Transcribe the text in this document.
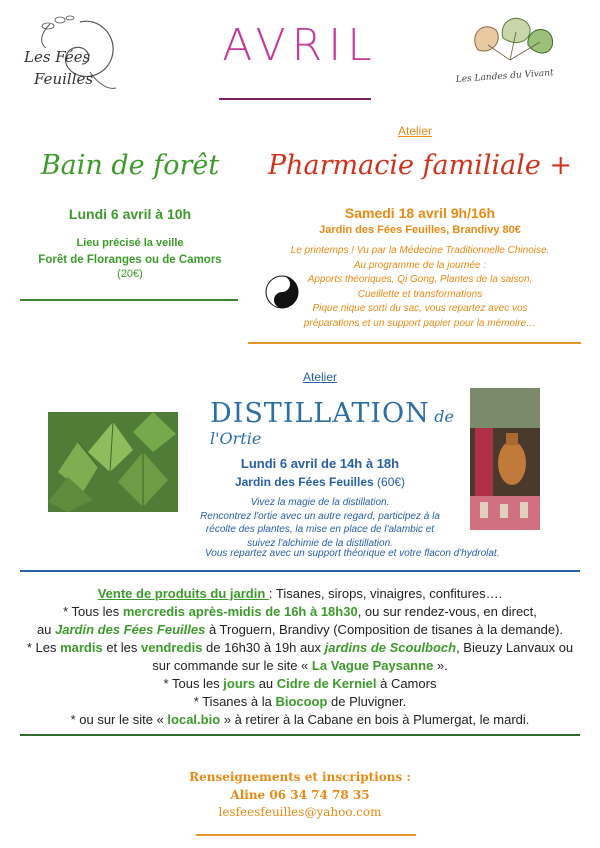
Les Fées
Feuilles
AVRIL
Les Landes du Vivant
Bain de forêt
Lundi 6 avril à 10h
Lieu précisé la veille
Forêt de Floranges ou de Camors
(20€)
Atelier
Pharmacie familiale +
Samedi 18 avril 9h/16h
Jardin des Fées Feuilles, Brandivy 80€
Le printemps ! Vu par la Médecine Traditionnelle Chinoise.
Au programme de la journée :
Apports théoriques, Qi Gong, Plantes de la saison,
Cueillette et transformations
Pique nique sorti du sac, vous repartez avec vos
préparations et un support papier pour la mémoire…
Atelier
DISTILLATION de l'Ortie
Lundi 6 avril de 14h à 18h
Jardin des Fées Feuilles (60€)
Vivez la magie de la distillation.
Rencontrez l'ortie avec un autre regard, participez à la
récolte des plantes, la mise en place de l'alambic et
suivez l'alchimie de la distillation.
Vous repartez avec un support théorique et votre flacon d'hydrolat.
Vente de produits du jardin : Tisanes, sirops, vinaigres, confitures….
* Tous les mercredis après-midis de 16h à 18h30, ou sur rendez-vous, en direct,
au Jardin des Fées Feuilles à Troguern, Brandivy (Composition de tisanes à la demande).
* Les mardis et les vendredis de 16h30 à 19h aux jardins de Scoulboch, Bieuzy Lanvaux ou
sur commande sur le site « La Vague Paysanne ».
* Tous les jours au Cidre de Kerniel à Camors
* Tisanes à la Biocoop de Pluvigner.
* ou sur le site « local.bio » à retirer à la Cabane en bois à Plumergat, le mardi.
Renseignements et inscriptions :
Aline 06 34 74 78 35
lesfeesfeuilles@yahoo.com
